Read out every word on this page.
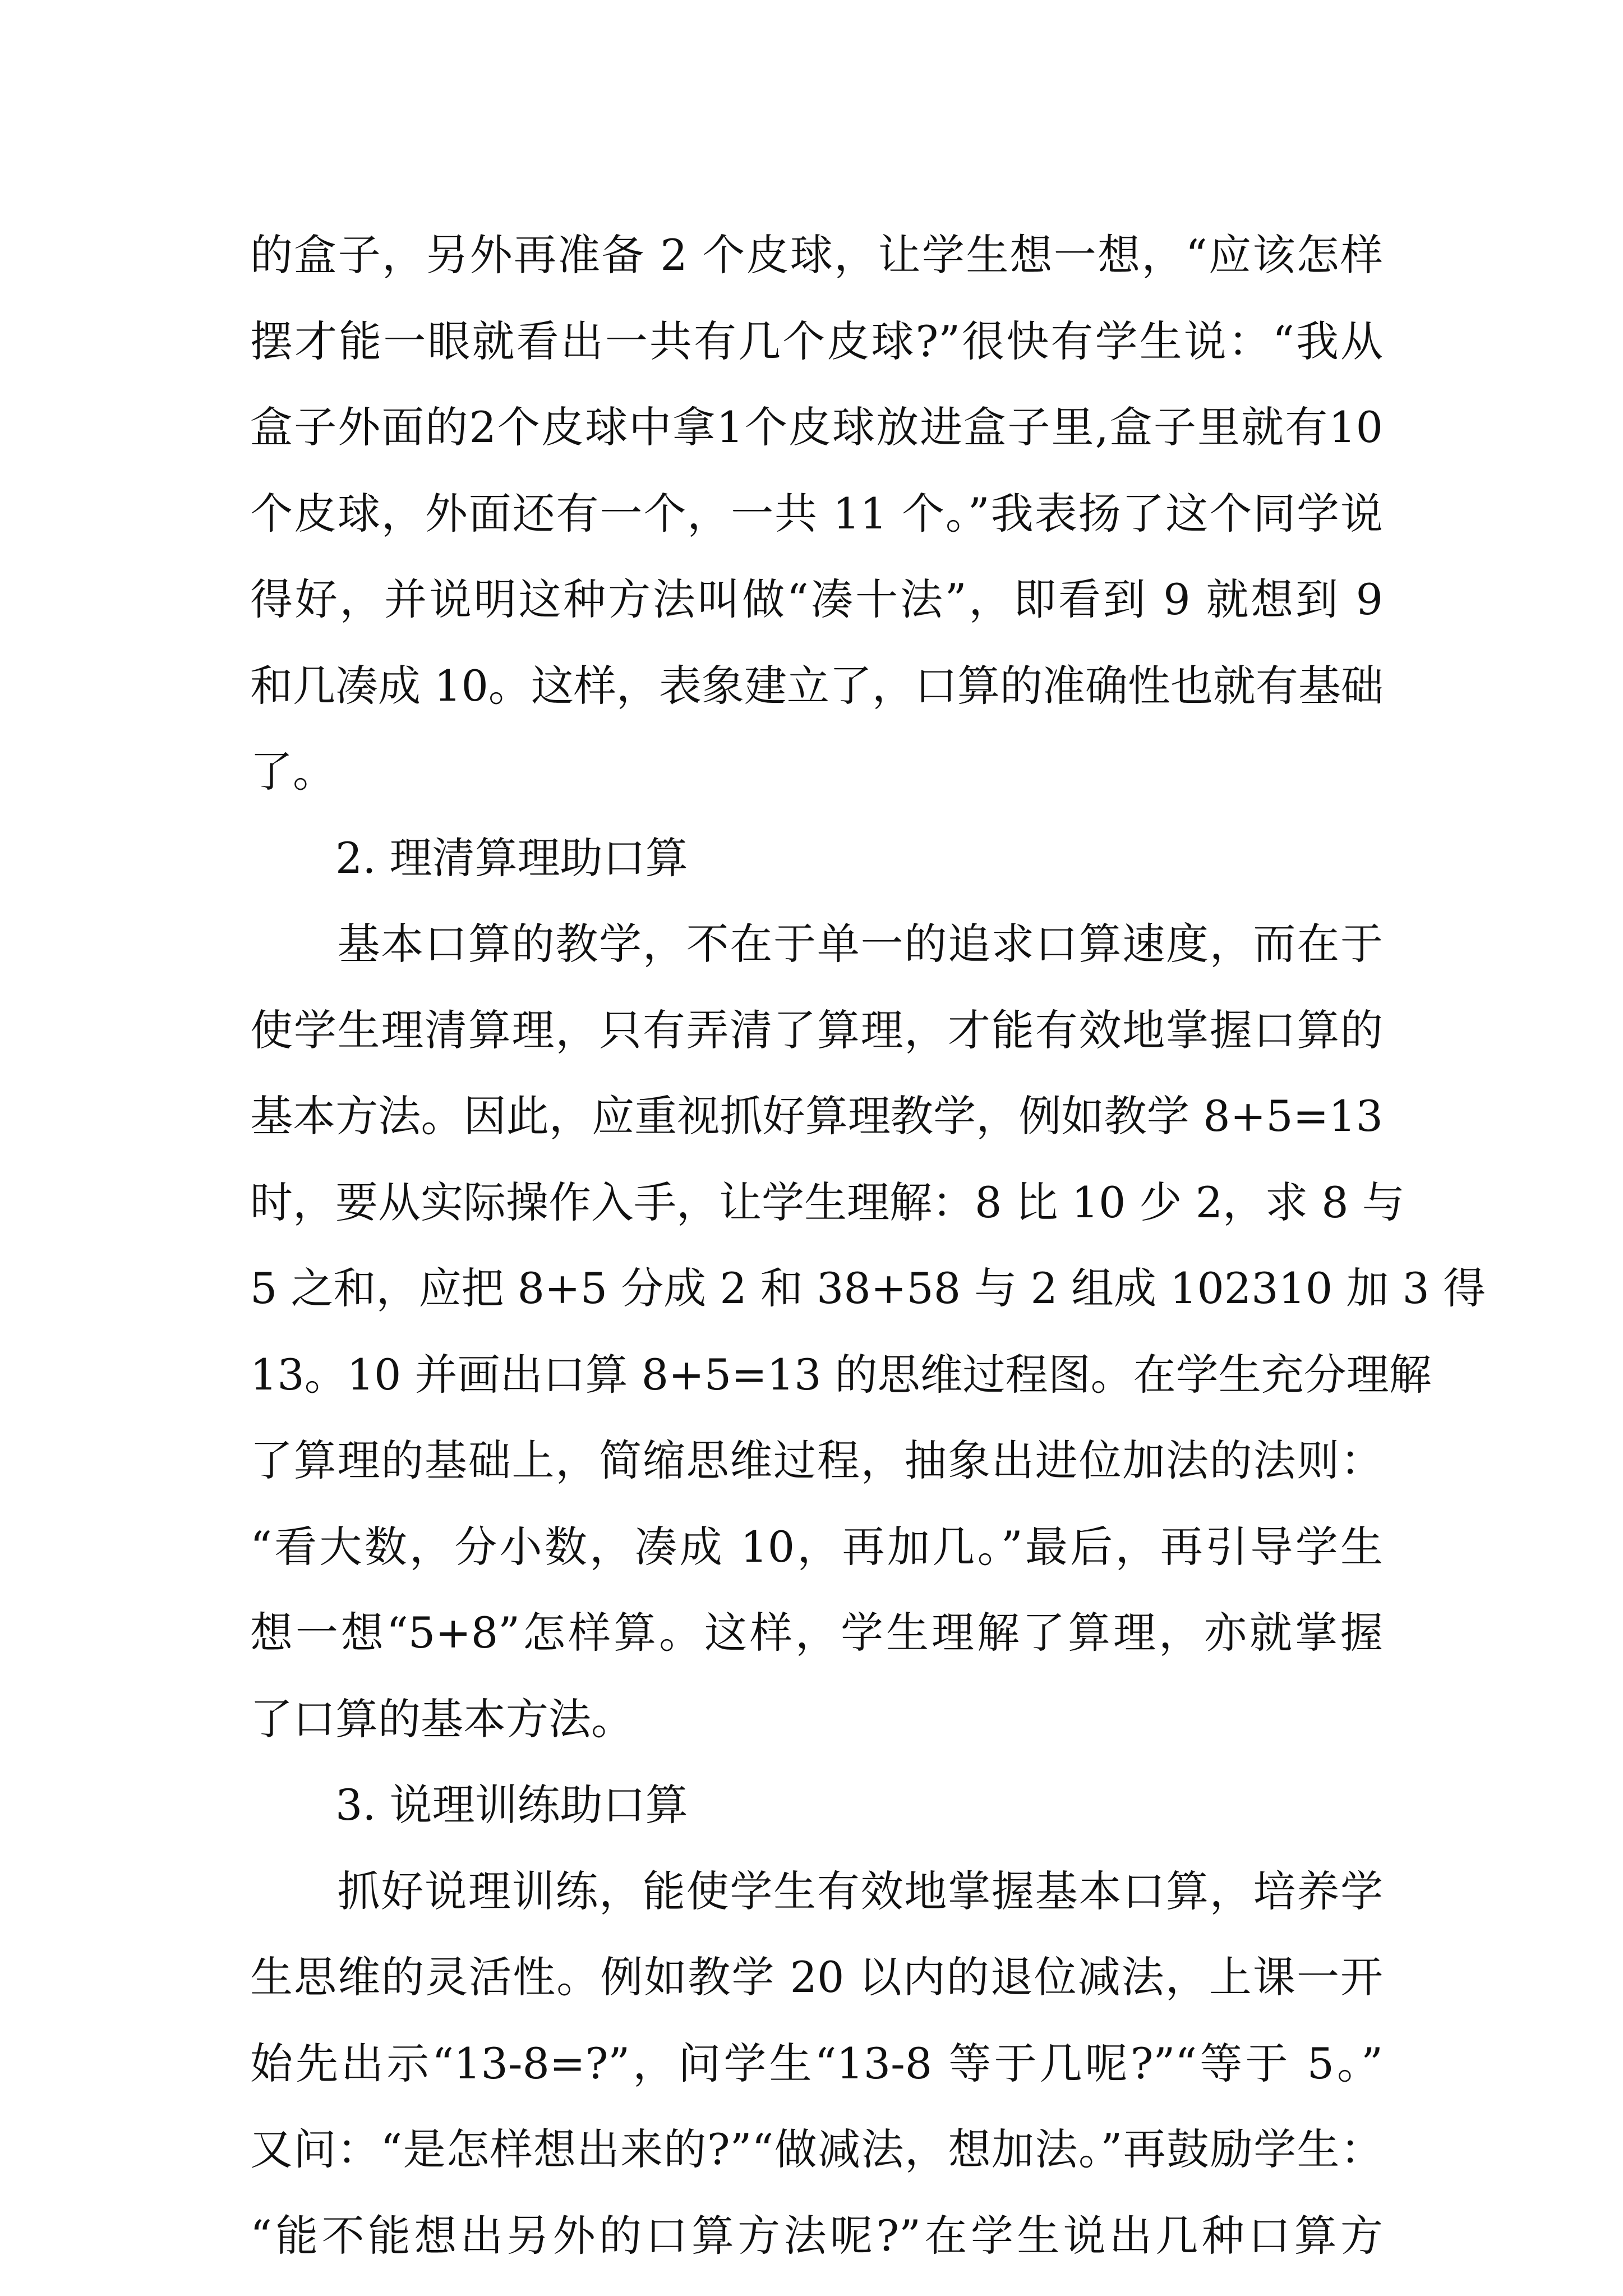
的盒子，另外再准备 2 个皮球，让学生想一想，“应该怎样
摆才能一眼就看出一共有几个皮球?”很快有学生说：“我从
盒子外面的2个皮球中拿1个皮球放进盒子里,盒子里就有10
个皮球，外面还有一个，一共 11 个。”我表扬了这个同学说
得好，并说明这种方法叫做“凑十法”，即看到 9 就想到 9
和几凑成 10。这样，表象建立了，口算的准确性也就有基础
了。
2. 理清算理助口算
　　基本口算的教学，不在于单一的追求口算速度，而在于
使学生理清算理，只有弄清了算理，才能有效地掌握口算的
基本方法。因此，应重视抓好算理教学，例如教学 8+5=13
时，要从实际操作入手，让学生理解：8 比 10 少 2，求 8 与
5 之和，应把 8+5 分成 2 和 38+58 与 2 组成 102310 加 3 得
13。10 并画出口算 8+5=13 的思维过程图。在学生充分理解
了算理的基础上，简缩思维过程，抽象出进位加法的法则：
“看大数，分小数，凑成 10，再加几。”最后，再引导学生
想一想“5+8”怎样算。这样，学生理解了算理，亦就掌握
了口算的基本方法。
3. 说理训练助口算
　　抓好说理训练，能使学生有效地掌握基本口算，培养学
生思维的灵活性。例如教学 20 以内的退位减法，上课一开
始先出示“13-8=?”，问学生“13-8 等于几呢?”“等于 5。”
又问：“是怎样想出来的?”“做减法，想加法。”再鼓励学生：
“能不能想出另外的口算方法呢?”在学生说出几种口算方
